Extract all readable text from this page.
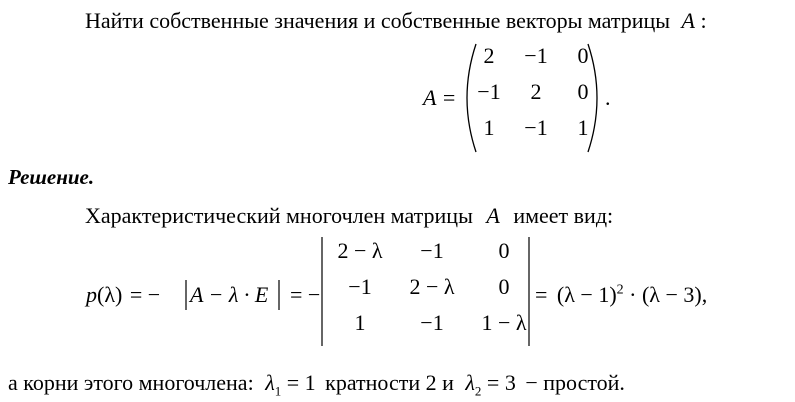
Найти собственные значения и собственные векторы матрицы A :
A =
2	−1	0
−1	2	0
1	−1	1
.
Решение.
Характеристический многочлен матрицы A имеет вид:
p(λ) = − A − λ · E = −
2 − λ	−1	0
−1	2 − λ	0
1	−1	1 − λ
= $(\lambda - 1)^2 \cdot (\lambda - 3)$,
а корни этого многочлена: $\lambda_1 = 1$ кратности 2 и $\lambda_2 = 3$ − простой.
